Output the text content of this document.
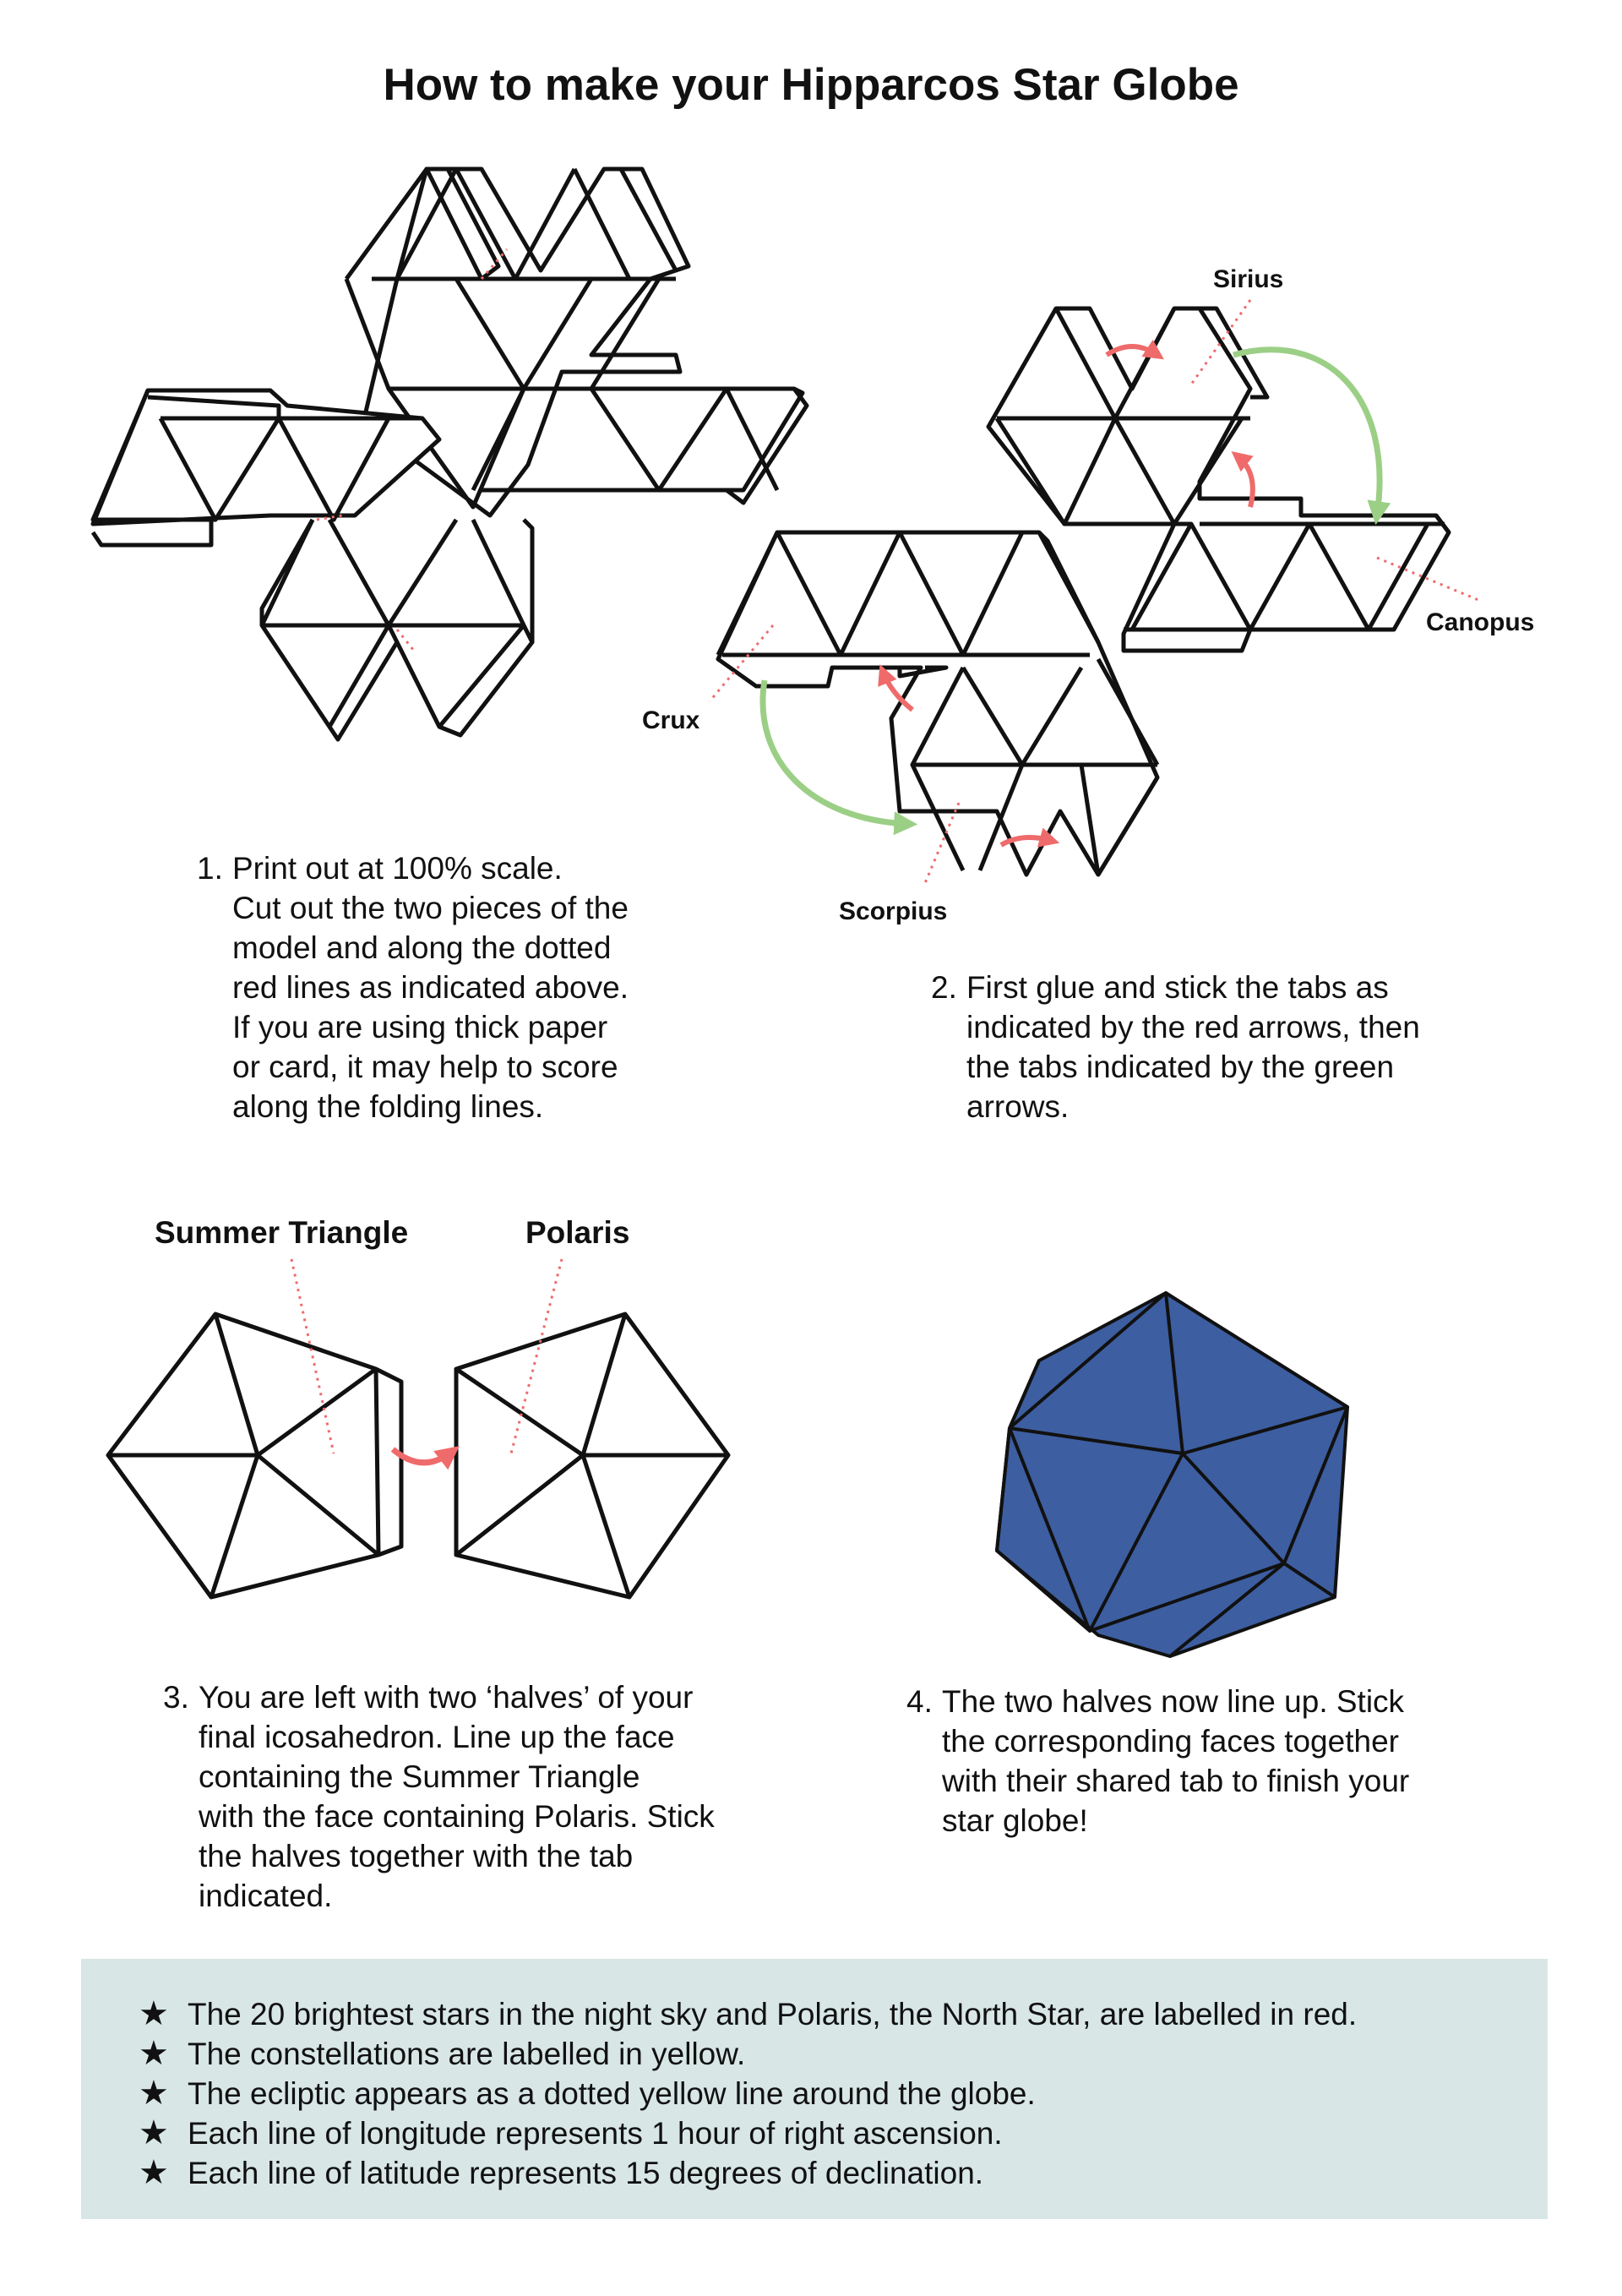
How to make your Hipparcos Star Globe
Sirius
Canopus
Crux
Scorpius
Summer Triangle	Polaris
1. Print out at 100% scale.
Cut out the two pieces of the
model and along the dotted
red lines as indicated above.
If you are using thick paper
or card, it may help to score
along the folding lines.
2. First glue and stick the tabs as
indicated by the red arrows, then
the tabs indicated by the green
arrows.
3. You are left with two ‘halves’ of your
final icosahedron. Line up the face
containing the Summer Triangle
with the face containing Polaris. Stick
the halves together with the tab
indicated.
4. The two halves now line up. Stick
the corresponding faces together
with their shared tab to finish your
star globe!
★ The 20 brightest stars in the night sky and Polaris, the North Star, are labelled in red.
★ The constellations are labelled in yellow.
★ The ecliptic appears as a dotted yellow line around the globe.
★ Each line of longitude represents 1 hour of right ascension.
★ Each line of latitude represents 15 degrees of declination.
